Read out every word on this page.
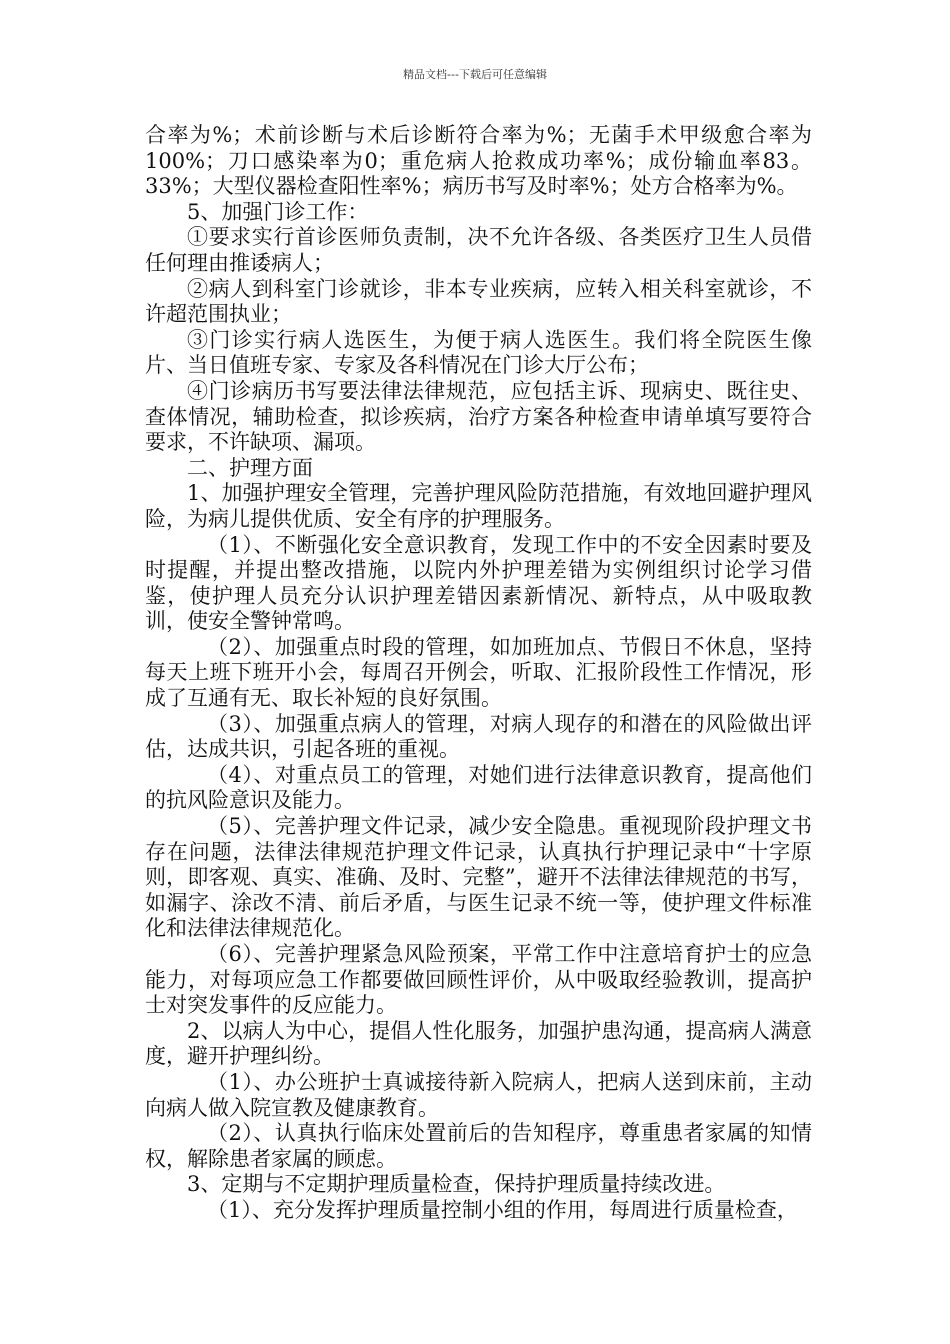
精品文档---下载后可任意编辑

合率为%；术前诊断与术后诊断符合率为%；无菌手术甲级愈合率为100%；刀口感染率为0；重危病人抢救成功率%；成份输血率83。33%；大型仪器检查阳性率%；病历书写及时率%；处方合格率为%。

5、加强门诊工作：

①要求实行首诊医师负责制，决不允许各级、各类医疗卫生人员借任何理由推诿病人；

②病人到科室门诊就诊，非本专业疾病，应转入相关科室就诊，不许超范围执业；

③门诊实行病人选医生，为便于病人选医生。我们将全院医生像片、当日值班专家、专家及各科情况在门诊大厅公布；

④门诊病历书写要法律法律规范，应包括主诉、现病史、既往史、查体情况，辅助检查，拟诊疾病，治疗方案各种检查申请单填写要符合要求，不许缺项、漏项。

二、护理方面

1、加强护理安全管理，完善护理风险防范措施，有效地回避护理风险，为病儿提供优质、安全有序的护理服务。

（1）、不断强化安全意识教育，发现工作中的不安全因素时要及时提醒，并提出整改措施，以院内外护理差错为实例组织讨论学习借鉴，使护理人员充分认识护理差错因素新情况、新特点，从中吸取教训，使安全警钟常鸣。

（2）、加强重点时段的管理，如加班加点、节假日不休息，坚持每天上班下班开小会，每周召开例会，听取、汇报阶段性工作情况，形成了互通有无、取长补短的良好氛围。

（3）、加强重点病人的管理，对病人现存的和潜在的风险做出评估，达成共识，引起各班的重视。

（4）、对重点员工的管理，对她们进行法律意识教育，提高他们的抗风险意识及能力。

（5）、完善护理文件记录，减少安全隐患。重视现阶段护理文书存在问题，法律法律规范护理文件记录，认真执行护理记录中“十字原则，即客观、真实、准确、及时、完整”，避开不法律法律规范的书写，如漏字、涂改不清、前后矛盾，与医生记录不统一等，使护理文件标准化和法律法律规范化。

（6）、完善护理紧急风险预案，平常工作中注意培育护士的应急能力，对每项应急工作都要做回顾性评价，从中吸取经验教训，提高护士对突发事件的反应能力。

2、以病人为中心，提倡人性化服务，加强护患沟通，提高病人满意度，避开护理纠纷。

（1）、办公班护士真诚接待新入院病人，把病人送到床前，主动向病人做入院宣教及健康教育。

（2）、认真执行临床处置前后的告知程序，尊重患者家属的知情权，解除患者家属的顾虑。

3、定期与不定期护理质量检查，保持护理质量持续改进。

（1）、充分发挥护理质量控制小组的作用，每周进行质量检查，
